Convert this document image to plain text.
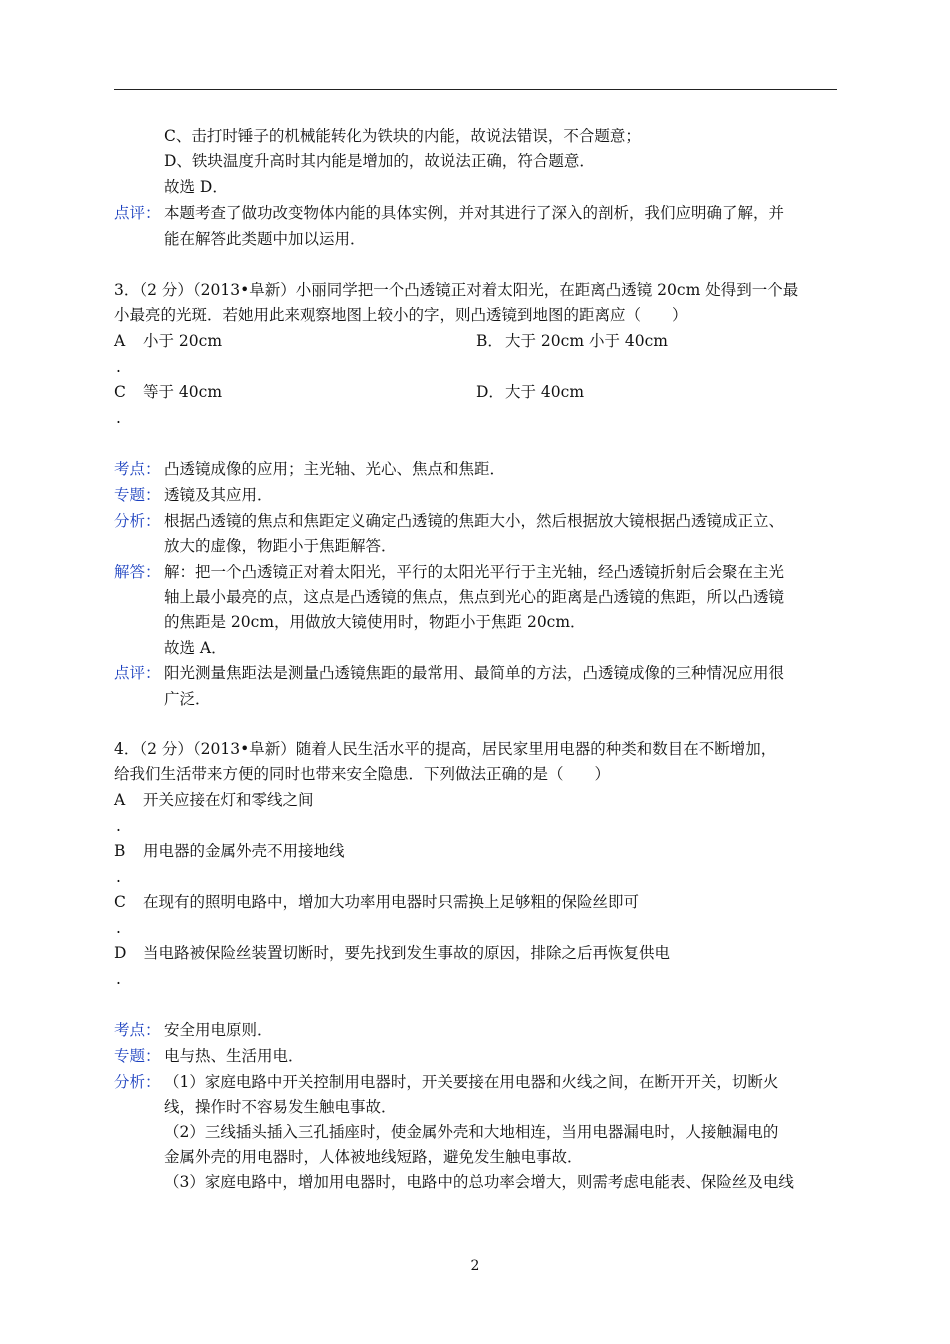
C、击打时锤子的机械能转化为铁块的内能，故说法错误，不合题意；
D、铁块温度升高时其内能是增加的，故说法正确，符合题意．
故选 D．
点评： 本题考查了做功改变物体内能的具体实例，并对其进行了深入的剖析，我们应明确了解，并
能在解答此类题中加以运用．
3．（2 分）（2013•阜新）小丽同学把一个凸透镜正对着太阳光，在距离凸透镜 20cm 处得到一个最
小最亮的光斑．若她用此来观察地图上较小的字，则凸透镜到地图的距离应（　　）
A 小于 20cm
.
B． 大于 20cm 小于 40cm
C 等于 40cm
.
D． 大于 40cm
考点： 凸透镜成像的应用；主光轴、光心、焦点和焦距．
专题： 透镜及其应用．
分析： 根据凸透镜的焦点和焦距定义确定凸透镜的焦距大小，然后根据放大镜根据凸透镜成正立、
放大的虚像，物距小于焦距解答．
解答： 解：把一个凸透镜正对着太阳光，平行的太阳光平行于主光轴，经凸透镜折射后会聚在主光
轴上最小最亮的点，这点是凸透镜的焦点，焦点到光心的距离是凸透镜的焦距，所以凸透镜
的焦距是 20cm，用做放大镜使用时，物距小于焦距 20cm．
故选 A．
点评： 阳光测量焦距法是测量凸透镜焦距的最常用、最简单的方法，凸透镜成像的三种情况应用很
广泛．
4．（2 分）（2013•阜新）随着人民生活水平的提高，居民家里用电器的种类和数目在不断增加，
给我们生活带来方便的同时也带来安全隐患．下列做法正确的是（　　）
A 开关应接在灯和零线之间
.
B 用电器的金属外壳不用接地线
.
C 在现有的照明电路中，增加大功率用电器时只需换上足够粗的保险丝即可
.
D 当电路被保险丝装置切断时，要先找到发生事故的原因，排除之后再恢复供电
.
考点： 安全用电原则．
专题： 电与热、生活用电．
分析： （1）家庭电路中开关控制用电器时，开关要接在用电器和火线之间，在断开开关，切断火
线，操作时不容易发生触电事故．
（2）三线插头插入三孔插座时，使金属外壳和大地相连，当用电器漏电时，人接触漏电的
金属外壳的用电器时，人体被地线短路，避免发生触电事故．
（3）家庭电路中，增加用电器时，电路中的总功率会增大，则需考虑电能表、保险丝及电线
2
